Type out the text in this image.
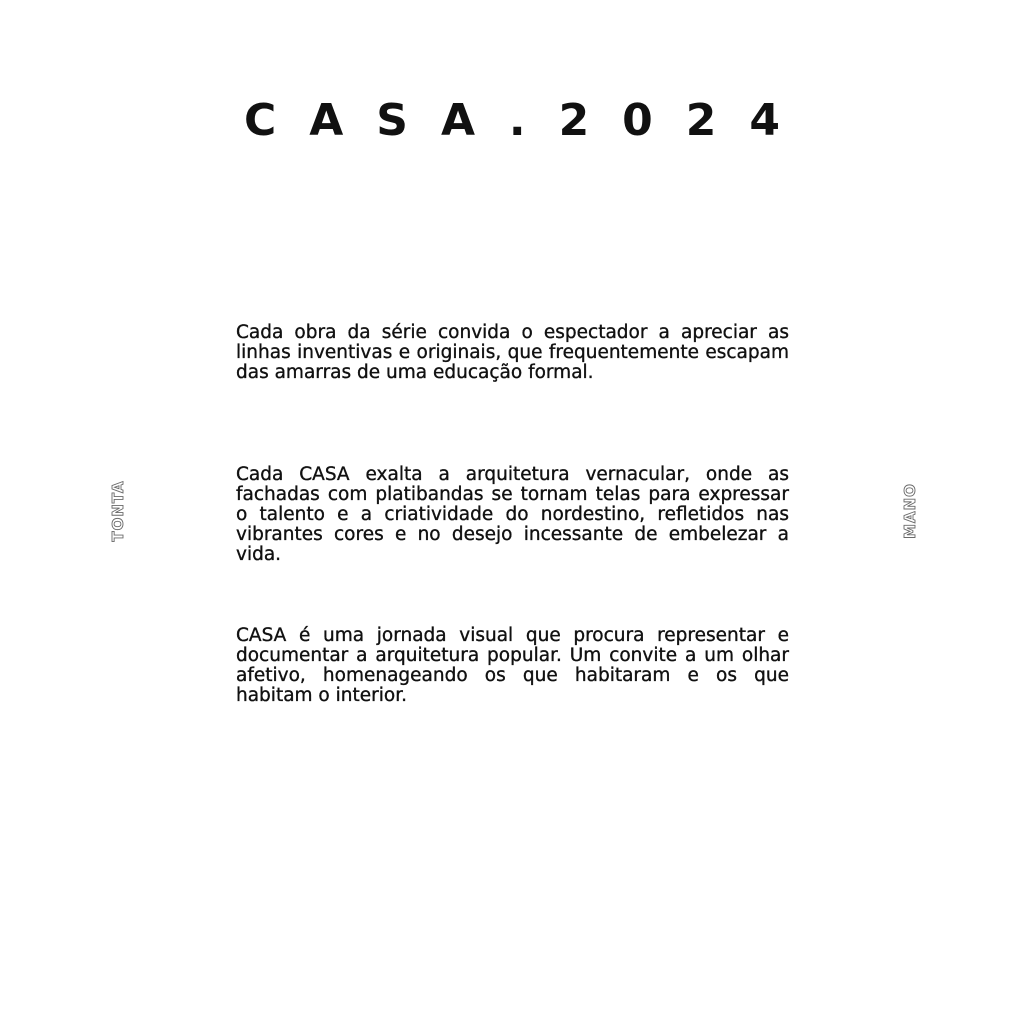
CASA.2024
TONTA	MANO

Cada obra da série convida o espectador a apreciar as linhas inventivas e originais, que frequentemente escapam das amarras de uma educação formal.

Cada CASA exalta a arquitetura vernacular, onde as fachadas com platibandas se tornam telas para expressar o talento e a criatividade do nordestino, refletidos nas vibrantes cores e no desejo incessante de embelezar a vida.

CASA é uma jornada visual que procura representar e documentar a arquitetura popular. Um convite a um olhar afetivo, homenageando os que habitaram e os que habitam o interior.
